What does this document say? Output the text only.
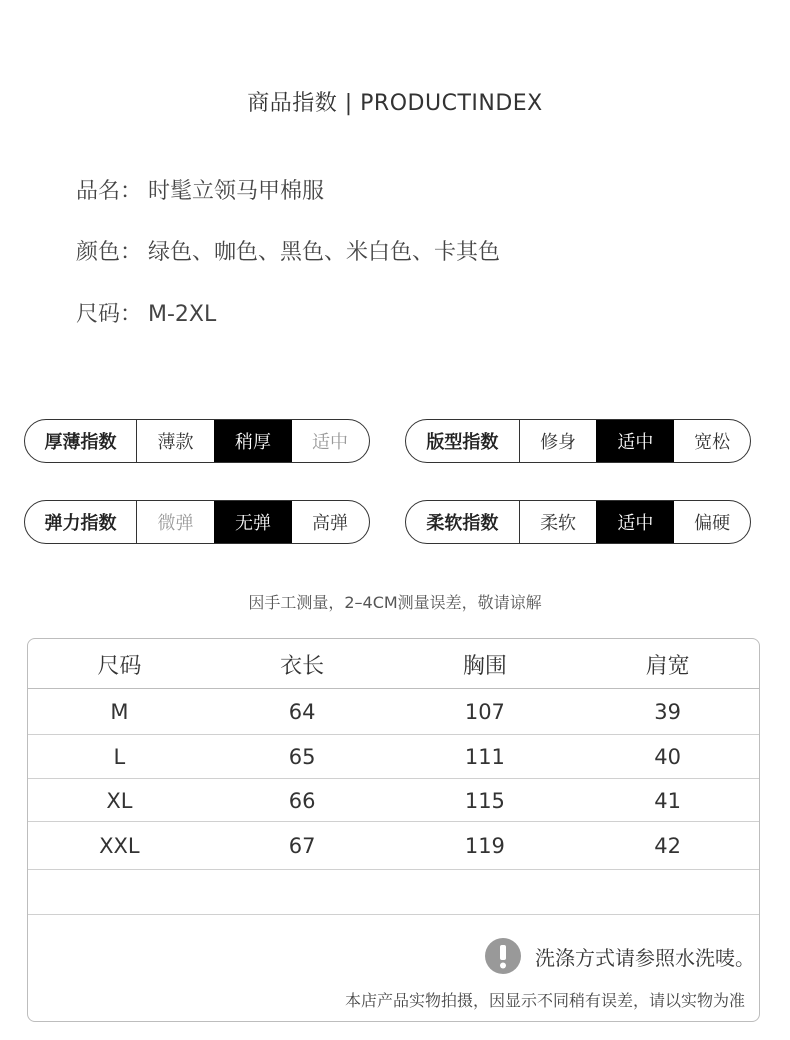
商品指数 | PRODUCTINDEX
品名： 时髦立领马甲棉服
颜色： 绿色、咖色、黑色、米白色、卡其色
尺码： M-2XL
厚薄指数	薄款	稍厚	适中	版型指数	修身	适中	宽松
弹力指数	微弹	无弹	高弹	柔软指数	柔软	适中	偏硬
因手工测量，2–4CM测量误差，敬请谅解
尺码	衣长	胸围	肩宽
M	64	107	39
L	65	111	40
XL	66	115	41
XXL	67	119	42
洗涤方式请参照水洗唛。
本店产品实物拍摄，因显示不同稍有误差，请以实物为准
